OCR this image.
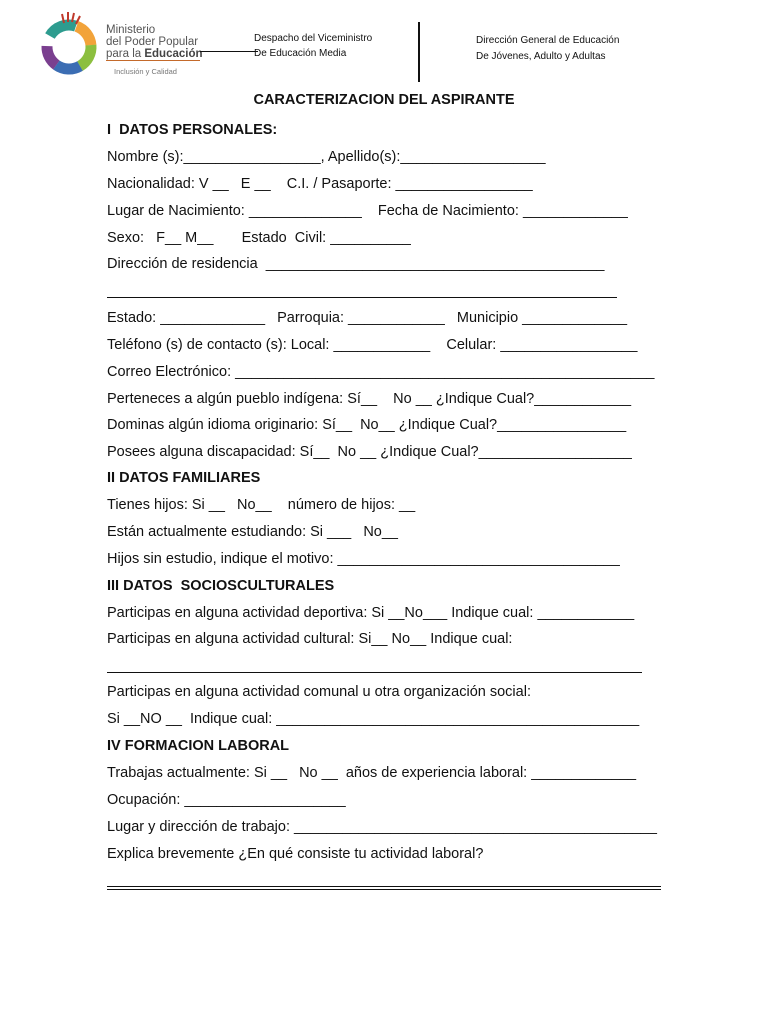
Ministerio
del Poder Popular
para la Educación
Inclusión y Calidad
Despacho del Viceministro
De Educación Media
Dirección General de Educación
De Jóvenes, Adulto y Adultas
CARACTERIZACION DEL ASPIRANTE
I  DATOS PERSONALES:
Nombre (s):_________________, Apellido(s):__________________
Nacionalidad: V __   E __    C.I. / Pasaporte: _________________
Lugar de Nacimiento: ______________    Fecha de Nacimiento: _____________
Sexo:   F__ M__       Estado  Civil: __________
Dirección de residencia  __________________________________________
Estado: _____________   Parroquia: ____________   Municipio _____________
Teléfono (s) de contacto (s): Local: ____________    Celular: _________________
Correo Electrónico: ____________________________________________________
Perteneces a algún pueblo indígena: Sí__    No __ ¿Indique Cual?____________
Dominas algún idioma originario: Sí__  No__ ¿Indique Cual?________________
Posees alguna discapacidad: Sí__  No __ ¿Indique Cual?___________________
II DATOS FAMILIARES
Tienes hijos: Si __   No__    número de hijos: __
Están actualmente estudiando: Si ___   No__
Hijos sin estudio, indique el motivo: ___________________________________
III DATOS  SOCIOSCULTURALES
Participas en alguna actividad deportiva: Si __No___ Indique cual: ____________
Participas en alguna actividad cultural: Si__ No__ Indique cual:
Participas en alguna actividad comunal u otra organización social:
Si __NO __  Indique cual: _____________________________________________
IV FORMACION LABORAL
Trabajas actualmente: Si __   No __  años de experiencia laboral: _____________
Ocupación: ____________________
Lugar y dirección de trabajo: _____________________________________________
Explica brevemente ¿En qué consiste tu actividad laboral?
